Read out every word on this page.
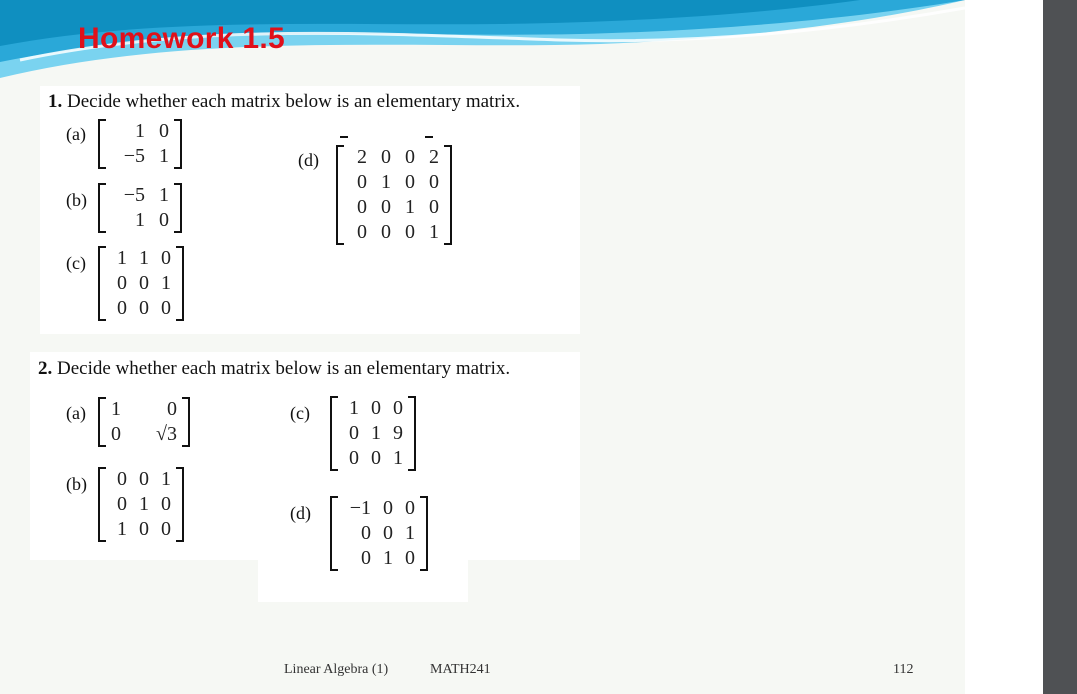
Homework 1.5
1. Decide whether each matrix below is an elementary matrix.
(a)	1 0
−5 1
(b)	−5 1
1 0
(c)	1 1 0
0 0 1
0 0 0
(d)	2 0 0 2
0 1 0 0
0 0 1 0
0 0 0 1
2. Decide whether each matrix below is an elementary matrix.
(a) 1	0
0	√3
(b)	0 0 1
0 1 0
1 0 0
(c)	1 0 0
0 1 9
0 0 1
(d)	−1 0 0
0 0 1
0 1 0
Linear Algebra (1)	MATH241	112
